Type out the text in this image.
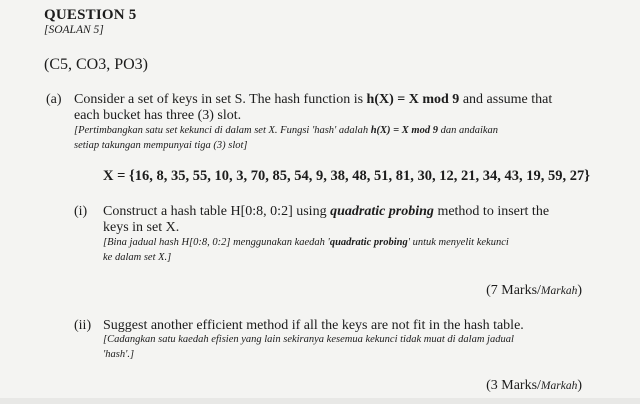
QUESTION 5
[SOALAN 5]
(C5, CO3, PO3)
(a) Consider a set of keys in set S. The hash function is h(X) = X mod 9 and assume that
each bucket has three (3) slot.
[Pertimbangkan satu set kekunci di dalam set X. Fungsi 'hash' adalah h(X) = X mod 9 dan andaikan
setiap takungan mempunyai tiga (3) slot]
X = {16, 8, 35, 55, 10, 3, 70, 85, 54, 9, 38, 48, 51, 81, 30, 12, 21, 34, 43, 19, 59, 27}
(i) Construct a hash table H[0:8, 0:2] using quadratic probing method to insert the
keys in set X.
[Bina jadual hash H[0:8, 0:2] menggunakan kaedah 'quadratic probing' untuk menyelit kekunci
ke dalam set X.]
(7 Marks/Markah)
(ii) Suggest another efficient method if all the keys are not fit in the hash table.
[Cadangkan satu kaedah efisien yang lain sekiranya kesemua kekunci tidak muat di dalam jadual
'hash'.]
(3 Marks/Markah)
